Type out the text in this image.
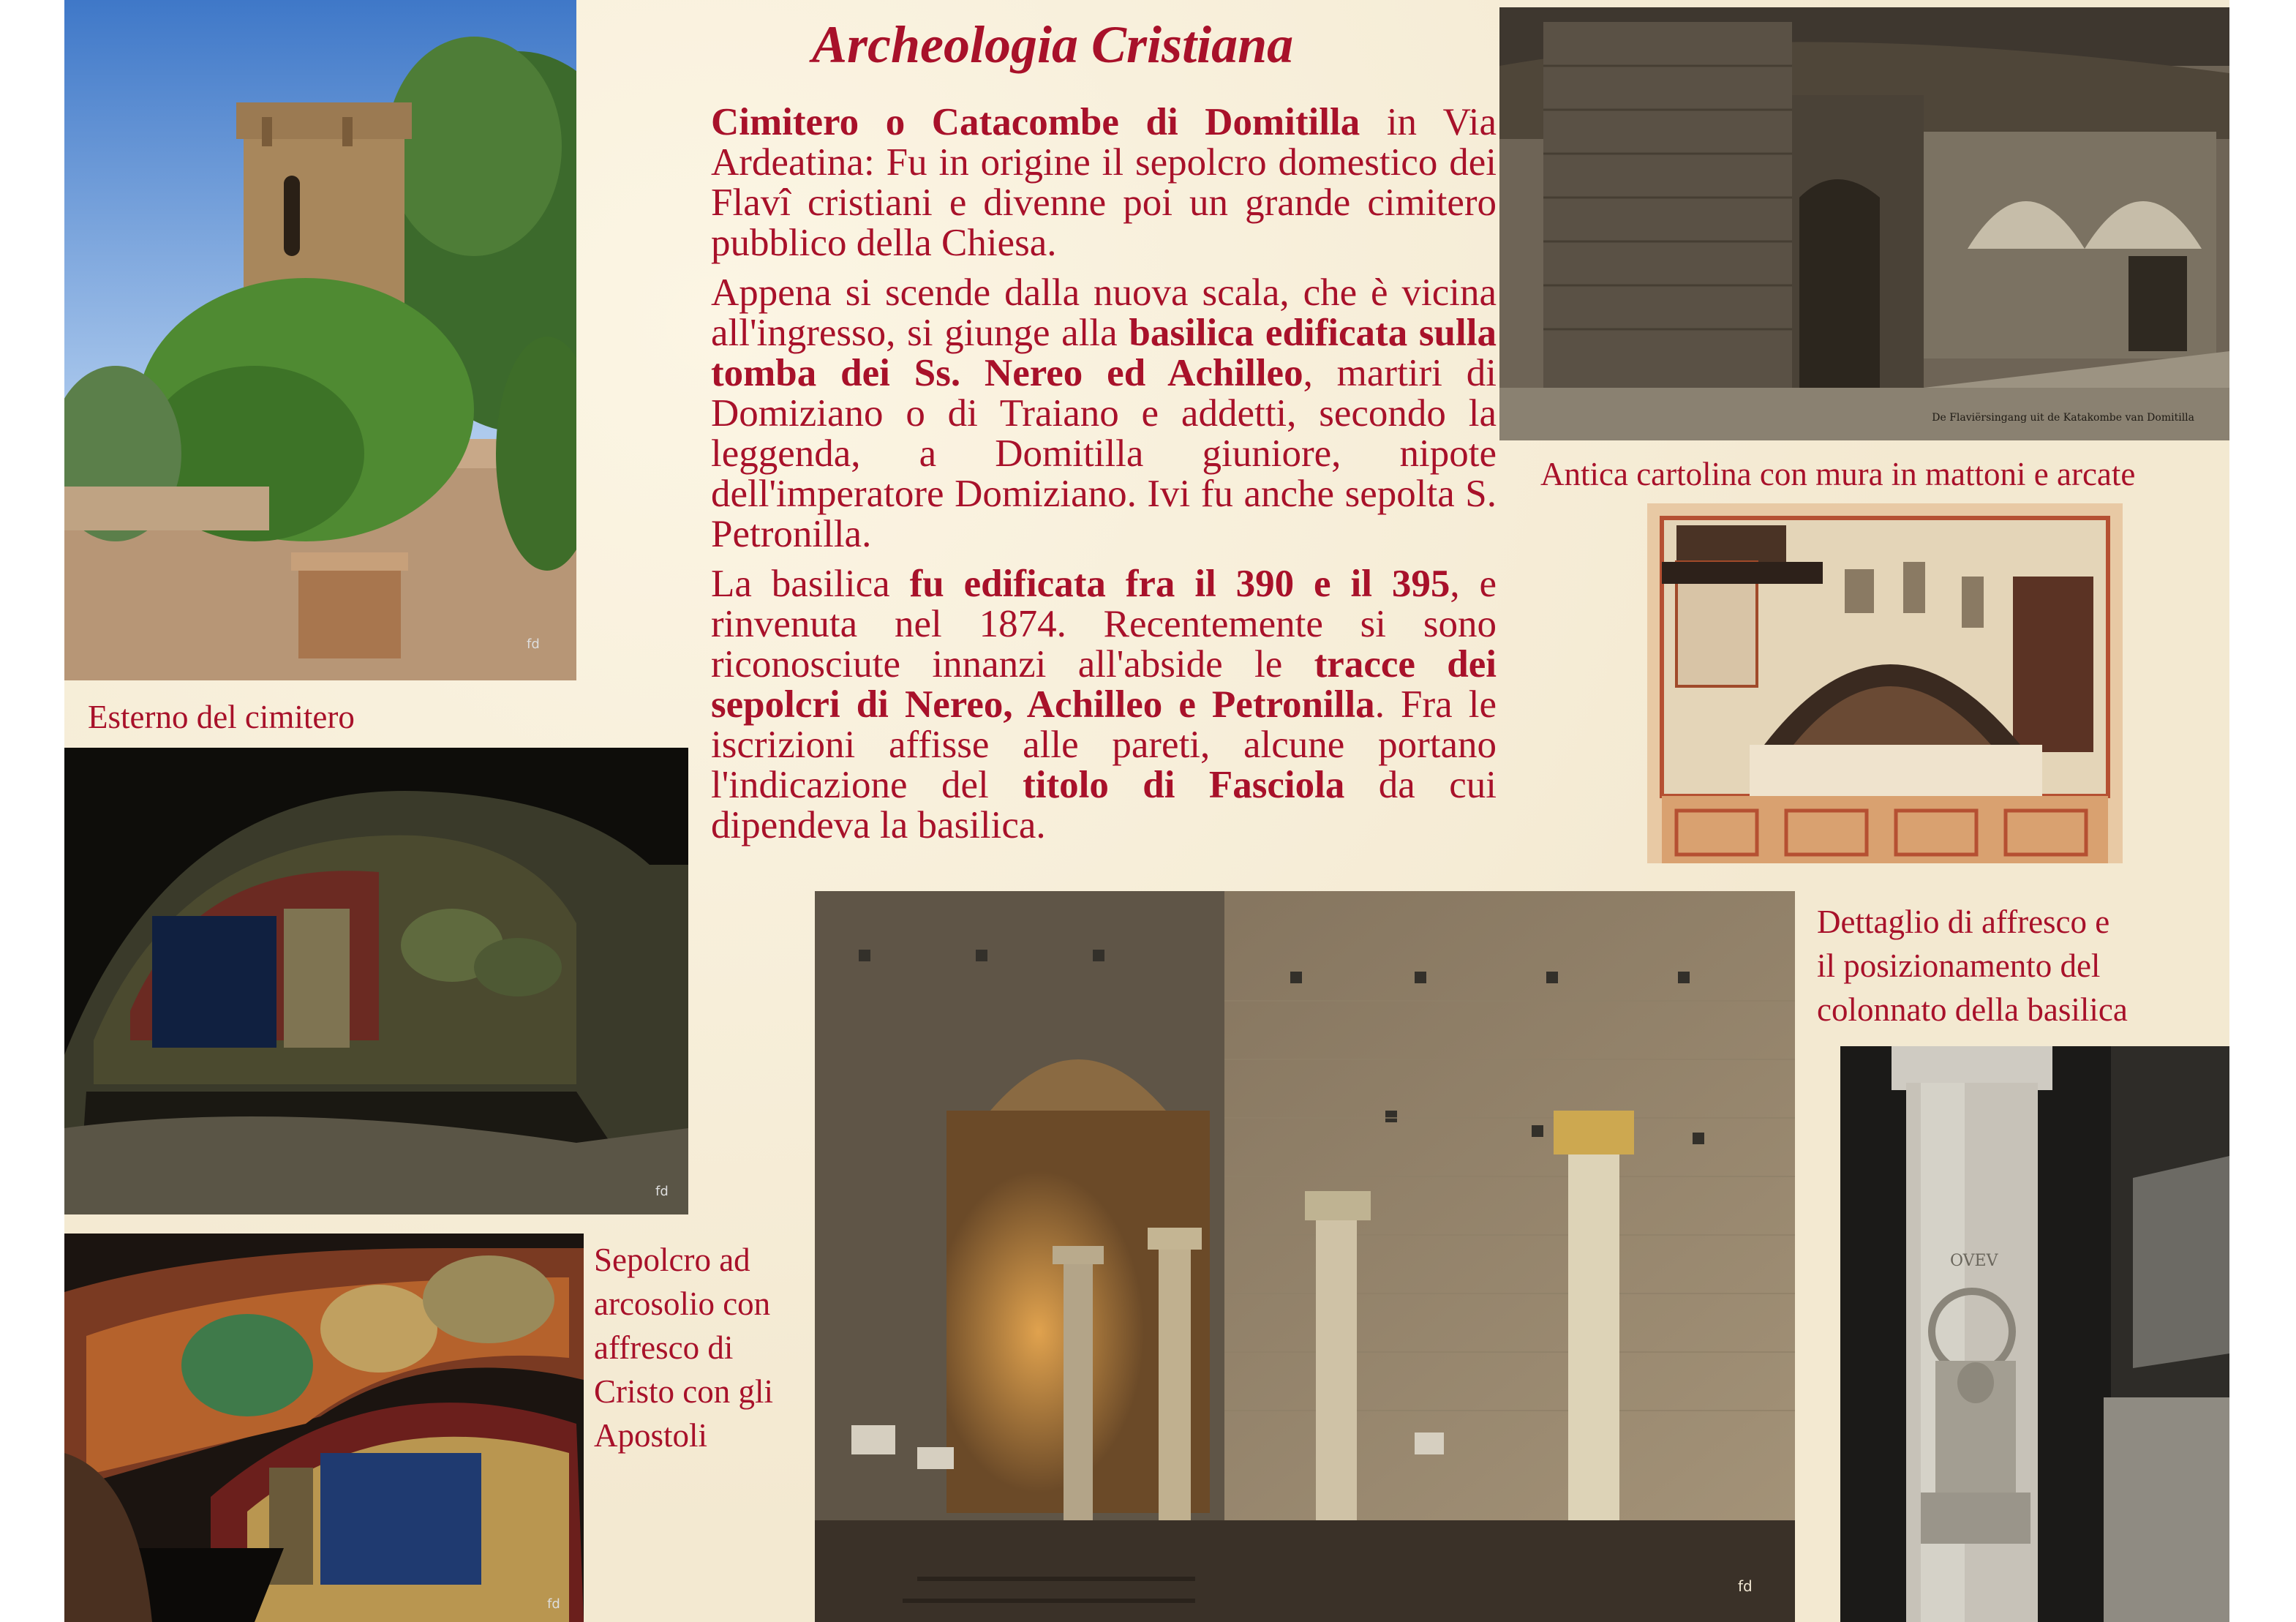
Archeologia Cristiana

Cimitero o Catacombe di Domitilla in Via Ardeatina: Fu in origine il sepolcro domestico dei Flavî cristiani e divenne poi un grande cimitero pubblico della Chiesa.

Appena si scende dalla nuova scala, che è vicina all'ingresso, si giunge alla basilica edificata sulla tomba dei Ss. Nereo ed Achilleo, martiri di Domiziano o di Traiano e addetti, secondo la leggenda, a Domitilla giuniore, nipote dell'imperatore Domiziano. Ivi fu anche sepolta S. Petronilla.

La basilica fu edificata fra il 390 e il 395, e rinvenuta nel 1874. Recentemente si sono riconosciute innanzi all'abside le tracce dei sepolcri di Nereo, Achilleo e Petronilla. Fra le iscrizioni affisse alle pareti, alcune portano l'indicazione del titolo di Fasciola da cui dipendeva la basilica.

fd
Esterno del cimitero
De Flaviërsingang uit de Katakombe van Domitilla
Antica cartolina con mura in mattoni e arcate
Dettaglio di affresco e
il posizionamento del
colonnato della basilica
fd
fd
Sepolcro ad
arcosolio con
affresco di
Cristo con gli
Apostoli
fd
OVEV
